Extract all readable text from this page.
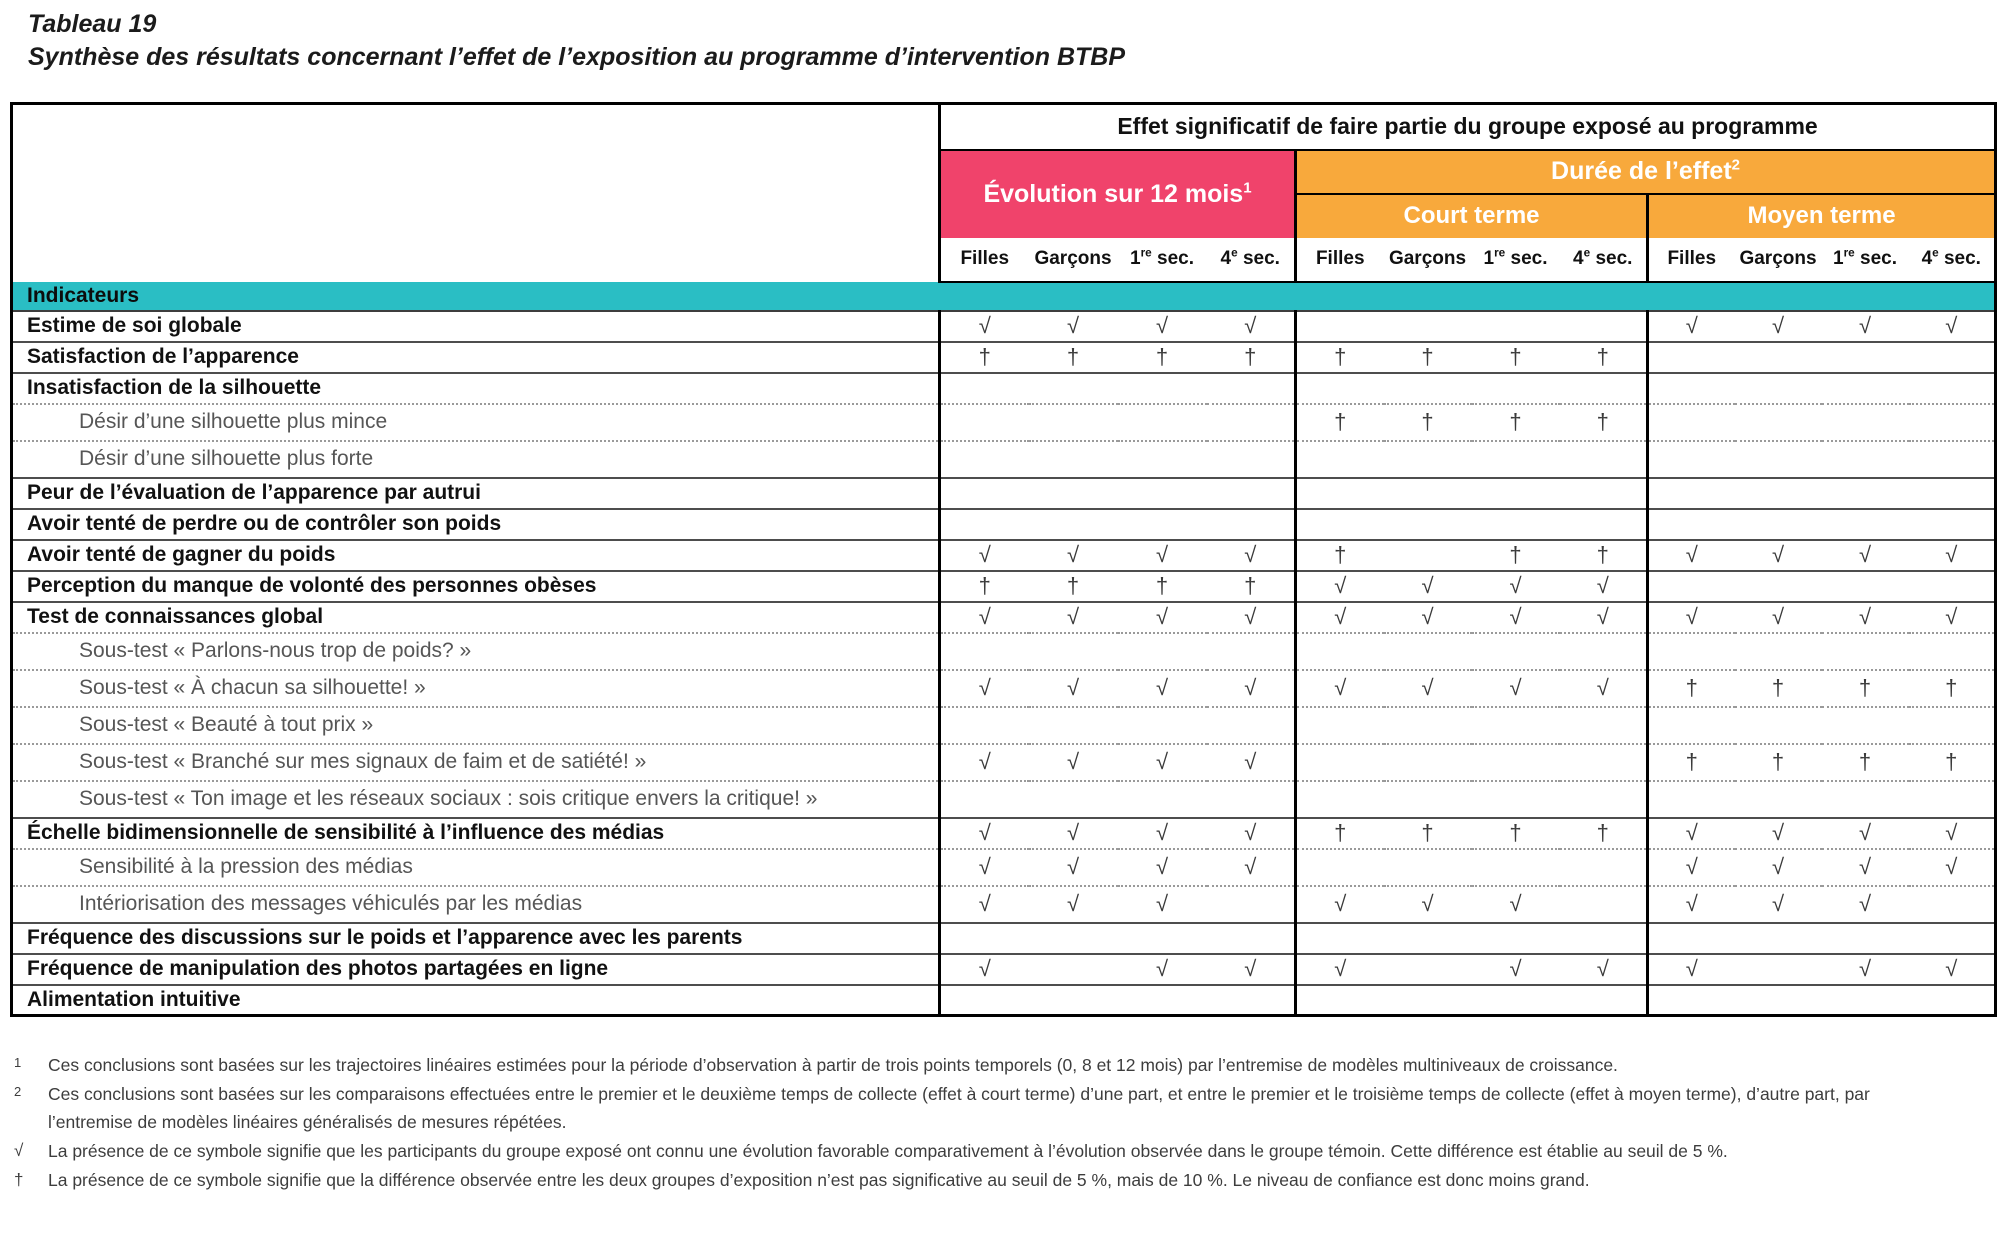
Tableau 19
Synthèse des résultats concernant l’effet de l’exposition au programme d’intervention BTBP
	Effet significatif de faire partie du groupe exposé au programme											
	Évolution sur 12 mois$^1$				Durée de l’effet$^2$
					Court terme				Moyen terme			
	Filles	Garçons	1re sec.	4e sec.	Filles	Garçons	1re sec.	4e sec.	Filles	Garçons	1re sec.	4e sec.
Indicateurs												
Estime de soi globale	√	√	√	√					√	√	√	√
Satisfaction de l’apparence	†	†	†	†	†	†	†	†				
Insatisfaction de la silhouette												
Désir d’une silhouette plus mince					†	†	†	†				
Désir d’une silhouette plus forte												
Peur de l’évaluation de l’apparence par autrui												
Avoir tenté de perdre ou de contrôler son poids												
Avoir tenté de gagner du poids	√	√	√	√	†		†	†	√	√	√	√
Perception du manque de volonté des personnes obèses	†	†	†	†	√	√	√	√				
Test de connaissances global	√	√	√	√	√	√	√	√	√	√	√	√
Sous-test « Parlons-nous trop de poids? »												
Sous-test « À chacun sa silhouette! »	√	√	√	√	√	√	√	√	†	†	†	†
Sous-test « Beauté à tout prix »												
Sous-test « Branché sur mes signaux de faim et de satiété! »	√	√	√	√					†	†	†	†
Sous-test « Ton image et les réseaux sociaux : sois critique envers la critique! »												
Échelle bidimensionnelle de sensibilité à l’influence des médias	√	√	√	√	†	†	†	†	√	√	√	√
Sensibilité à la pression des médias	√	√	√	√					√	√	√	√
Intériorisation des messages véhiculés par les médias	√	√	√		√	√	√		√	√	√	
Fréquence des discussions sur le poids et l’apparence avec les parents												
Fréquence de manipulation des photos partagées en ligne	√		√	√	√		√	√	√		√	√
Alimentation intuitive												
1	Ces conclusions sont basées sur les trajectoires linéaires estimées pour la période d’observation à partir de trois points temporels (0, 8 et 12 mois) par l’entremise de modèles multiniveaux de croissance.
2	Ces conclusions sont basées sur les comparaisons effectuées entre le premier et le deuxième temps de collecte (effet à court terme) d’une part, et entre le premier et le troisième temps de collecte (effet à moyen terme), d’autre part, par l’entremise de modèles linéaires généralisés de mesures répétées.
√	La présence de ce symbole signifie que les participants du groupe exposé ont connu une évolution favorable comparativement à l’évolution observée dans le groupe témoin. Cette différence est établie au seuil de 5 %.
†	La présence de ce symbole signifie que la différence observée entre les deux groupes d’exposition n’est pas significative au seuil de 5 %, mais de 10 %. Le niveau de confiance est donc moins grand.
